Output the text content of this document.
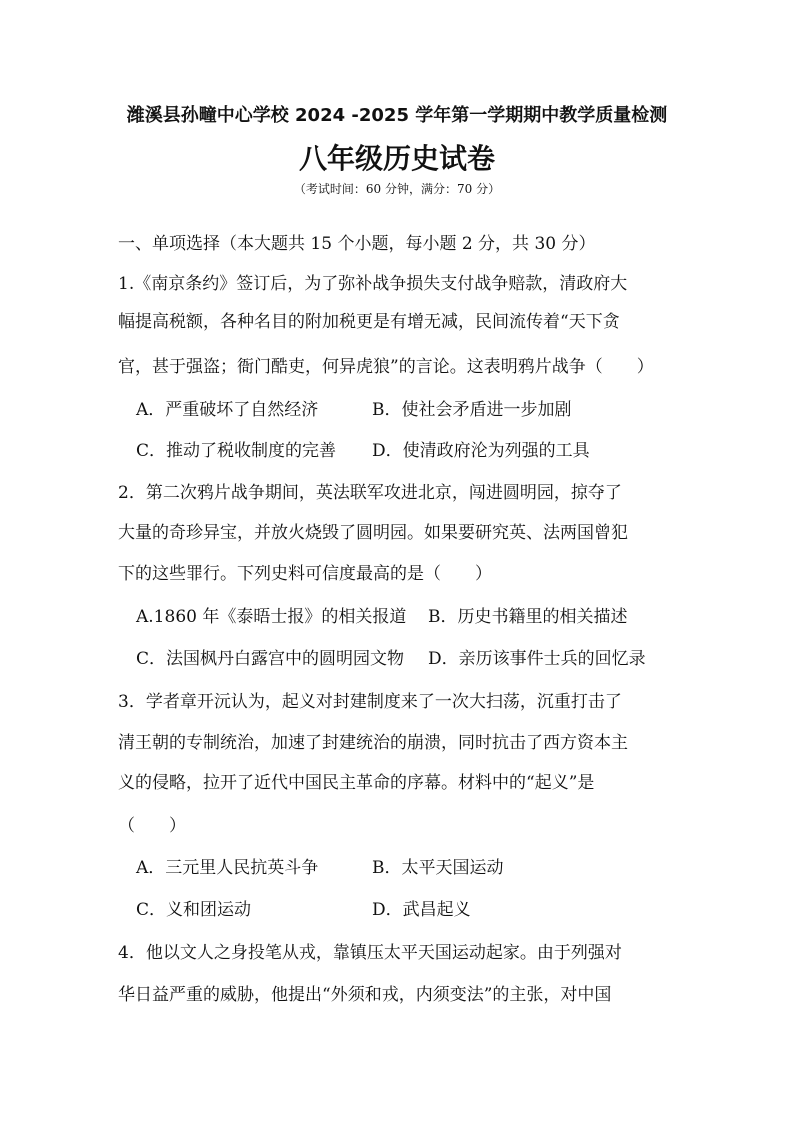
潍溪县孙疃中心学校 2024 -2025 学年第一学期期中教学质量检测
八年级历史试卷
（考试时间：60 分钟，满分：70 分）
一、单项选择（本大题共 15 个小题，每小题 2 分，共 30 分）
1.《南京条约》签订后，为了弥补战争损失支付战争赔款，清政府大
幅提高税额，各种名目的附加税更是有增无减，民间流传着“天下贪
官，甚于强盗；衙门酷吏，何异虎狼”的言论。这表明鸦片战争（　　）
A．严重破坏了自然经济	B．使社会矛盾进一步加剧
C．推动了税收制度的完善 D．使清政府沦为列强的工具
2．第二次鸦片战争期间，英法联军攻进北京，闯进圆明园，掠夺了
大量的奇珍异宝，并放火烧毁了圆明园。如果要研究英、法两国曾犯
下的这些罪行。下列史料可信度最高的是（　　）
A.1860 年《泰晤士报》的相关报道 B．历史书籍里的相关描述
C．法国枫丹白露宫中的圆明园文物 D．亲历该事件士兵的回忆录
3．学者章开沅认为，起义对封建制度来了一次大扫荡，沉重打击了
清王朝的专制统治，加速了封建统治的崩溃，同时抗击了西方资本主
义的侵略，拉开了近代中国民主革命的序幕。材料中的“起义”是
（　　）
A．三元里人民抗英斗争	B．太平天国运动
C．义和团运动	D．武昌起义
4．他以文人之身投笔从戎，靠镇压太平天国运动起家。由于列强对
华日益严重的威胁，他提出“外须和戎，内须变法”的主张，对中国
